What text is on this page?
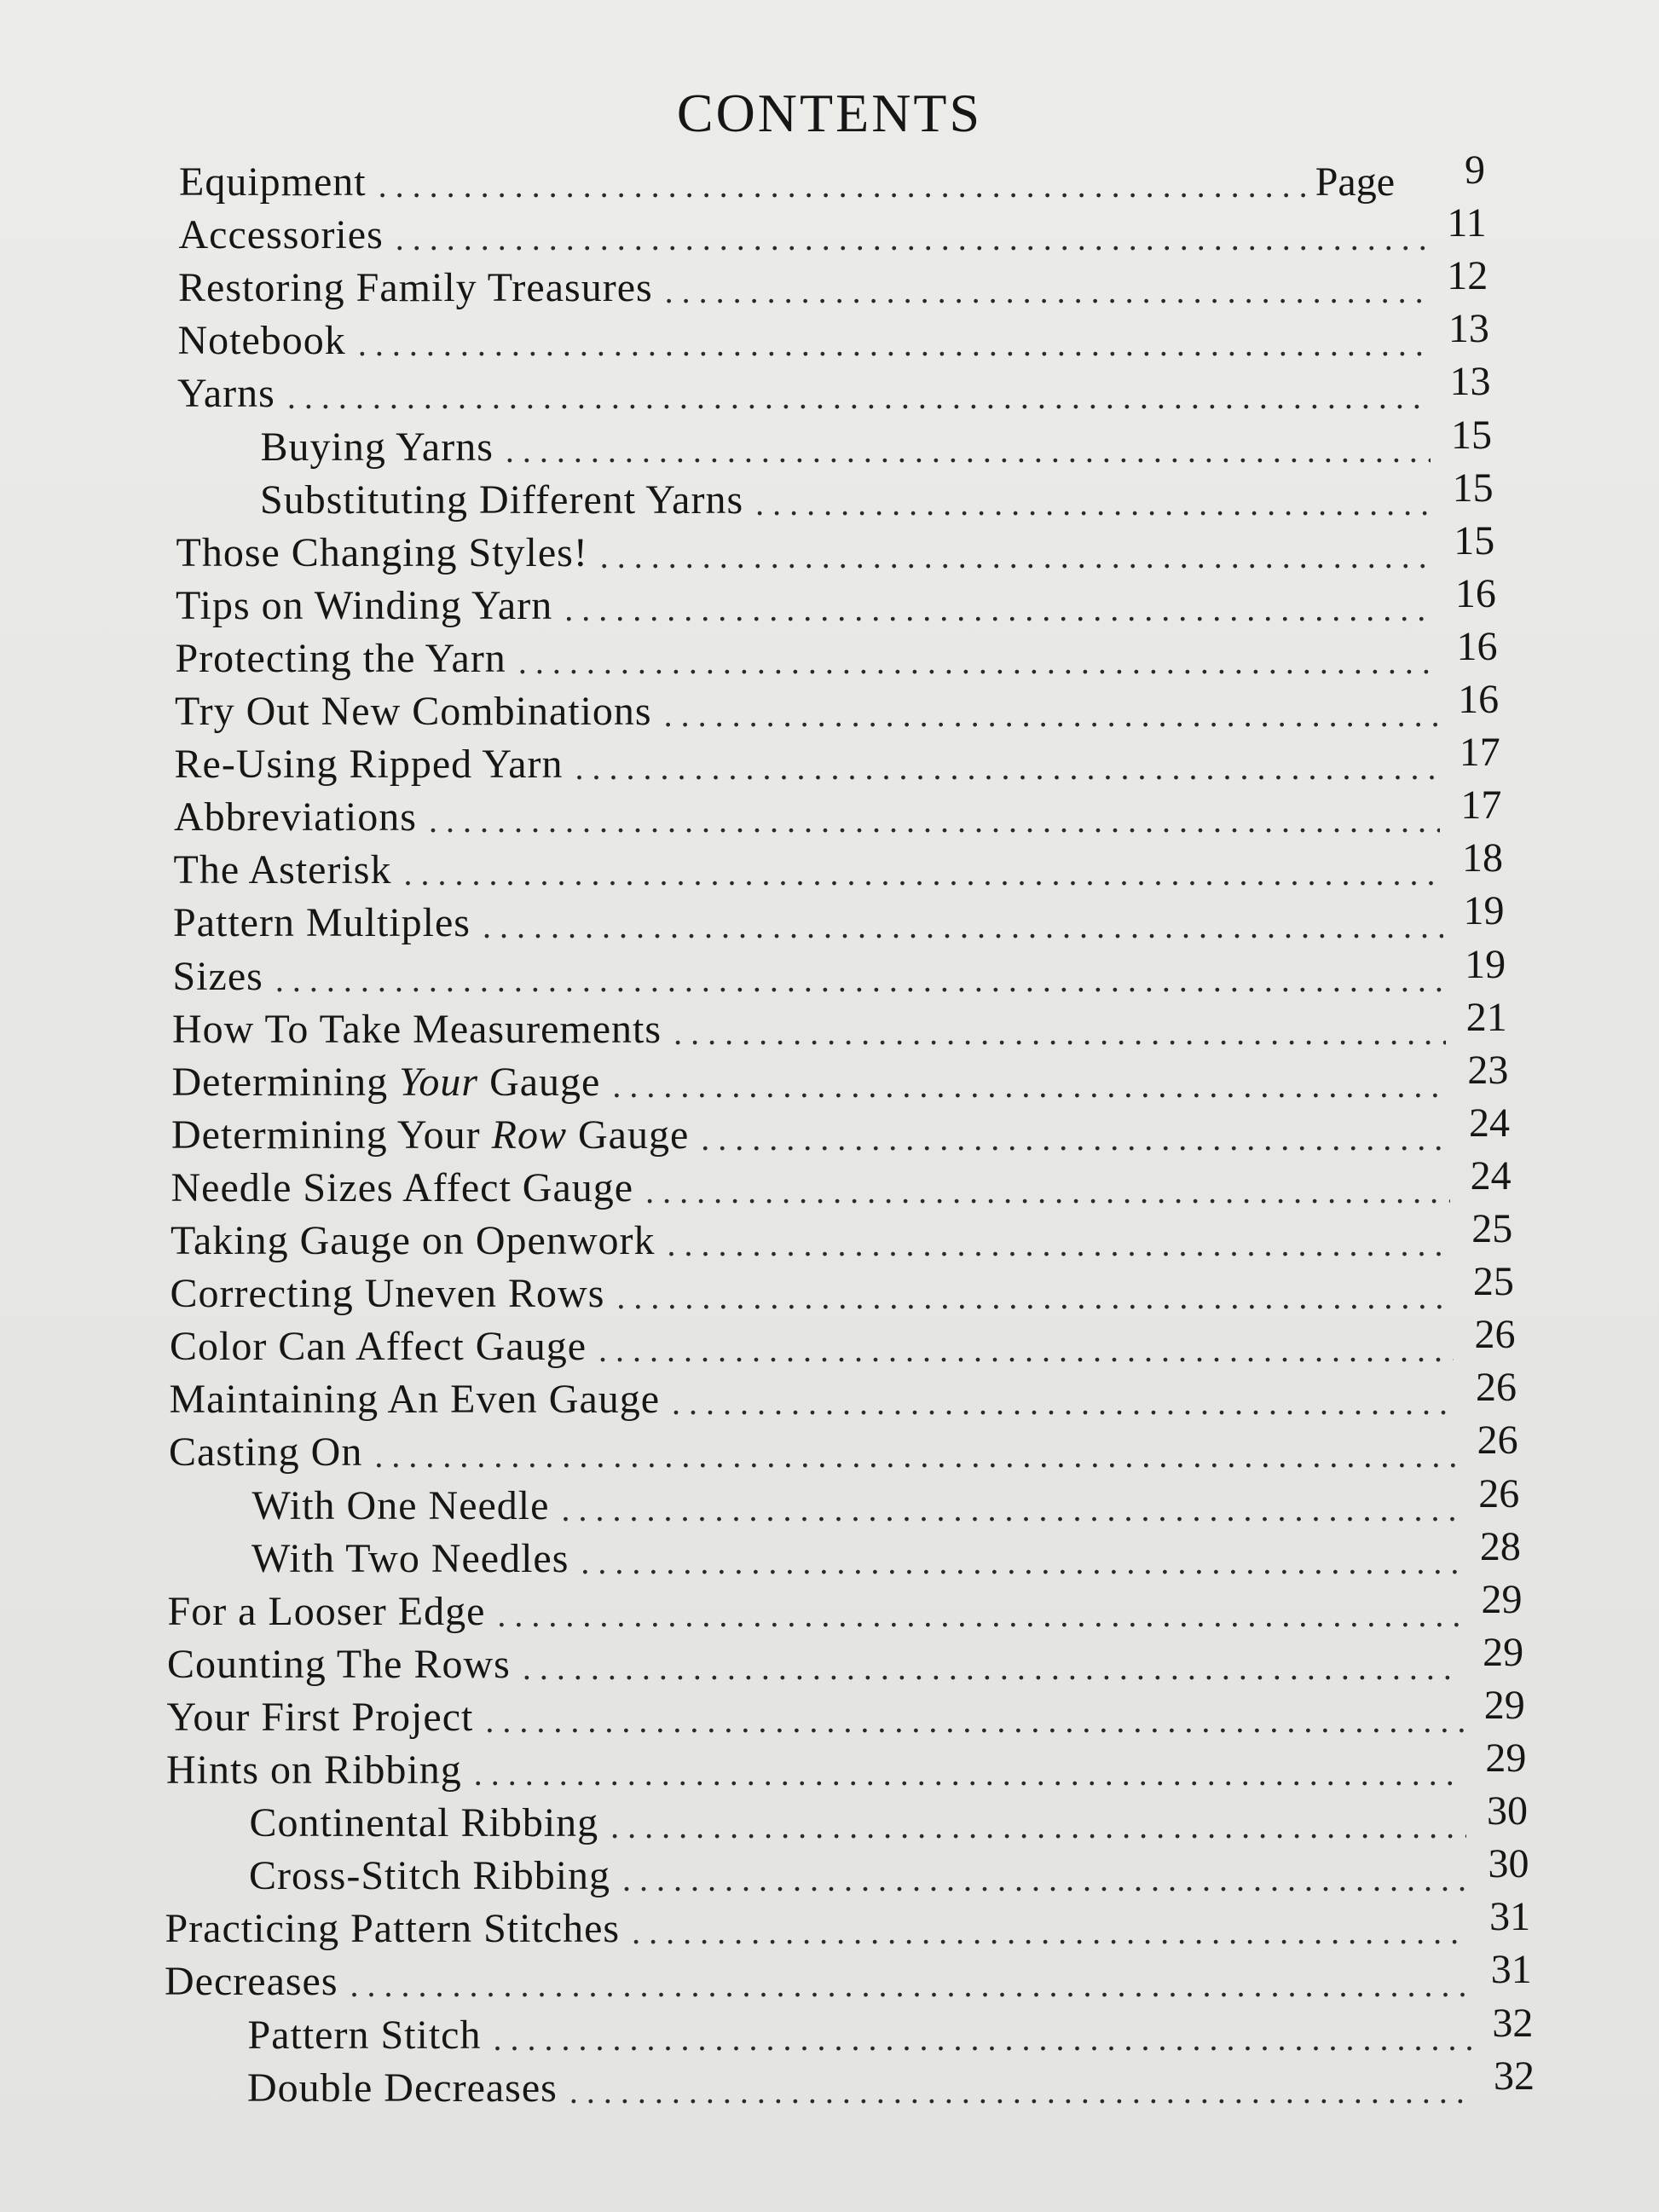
CONTENTS
Equipment . . .	Page	9
Accessories . . .	11
Restoring Family Treasures . . .	12
Notebook . . .	13
Yarns . . .	13
Buying Yarns . . .	15
Substituting Different Yarns . . .	15
Those Changing Styles! . . .	15
Tips on Winding Yarn . . .	16
Protecting the Yarn . . .	16
Try Out New Combinations . . .	16
Re-Using Ripped Yarn . . .	17
Abbreviations . . .	17
The Asterisk . . .	18
Pattern Multiples . . .	19
Sizes . . .	19
How To Take Measurements . . .	21
Determining Your Gauge . . .	23
Determining Your Row Gauge . . .	24
Needle Sizes Affect Gauge . . .	24
Taking Gauge on Openwork . . .	25
Correcting Uneven Rows . . .	25
Color Can Affect Gauge . . .	26
Maintaining An Even Gauge . . .	26
Casting On . . .	26
With One Needle . . .	26
With Two Needles . . .	28
For a Looser Edge . . .	29
Counting The Rows . . .	29
Your First Project . . .	29
Hints on Ribbing . . .	29
Continental Ribbing . . .	30
Cross-Stitch Ribbing . . .	30
Practicing Pattern Stitches . . .	31
Decreases . . .	31
Pattern Stitch . . .	32
Double Decreases . . .	32
